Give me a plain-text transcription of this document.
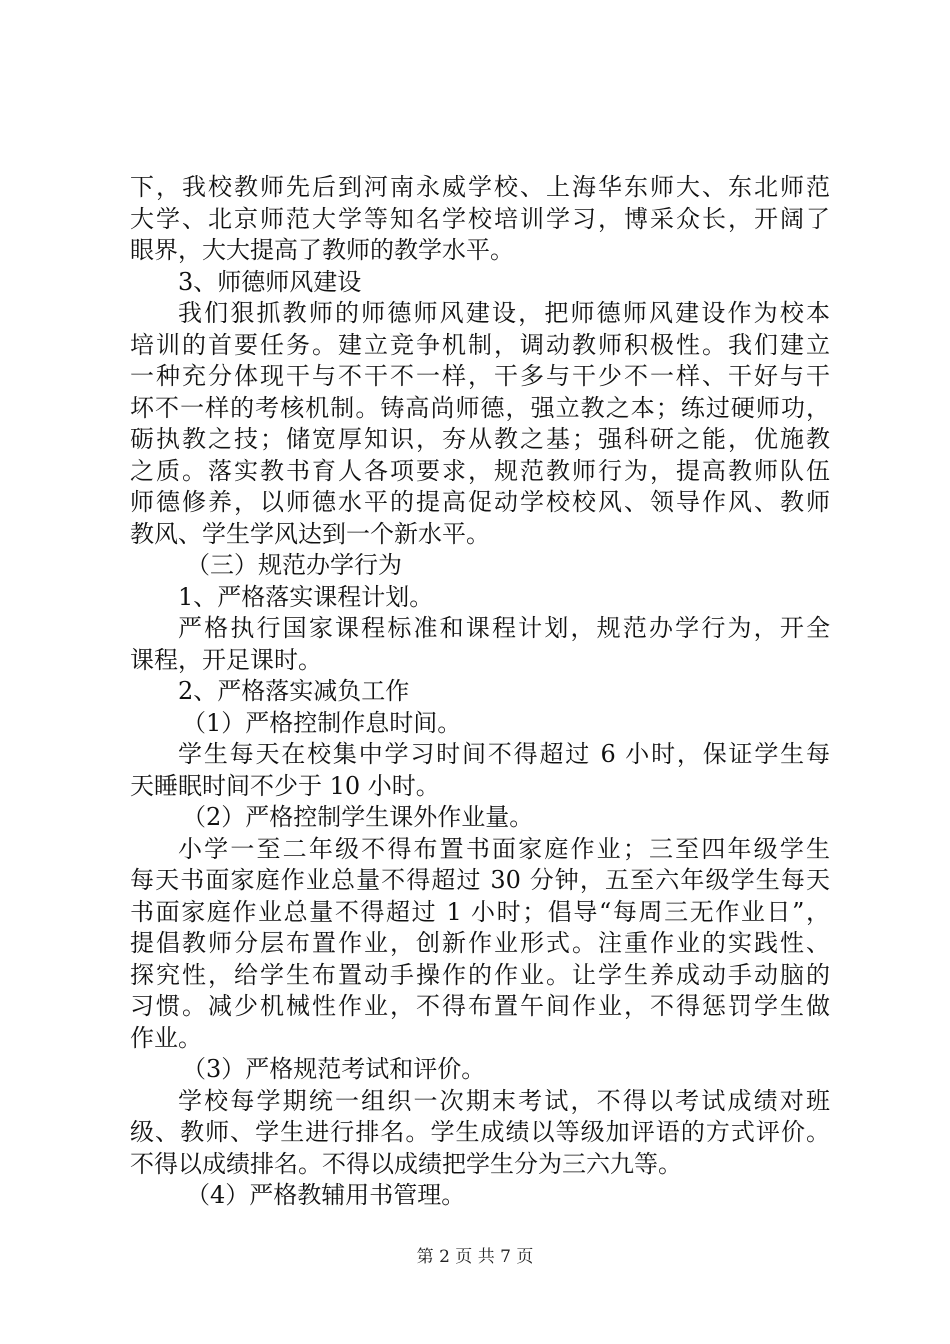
下，我校教师先后到河南永威学校、上海华东师大、东北师范
大学、北京师范大学等知名学校培训学习，博采众长，开阔了
眼界，大大提高了教师的教学水平。
3、师德师风建设
我们狠抓教师的师德师风建设，把师德师风建设作为校本
培训的首要任务。建立竞争机制，调动教师积极性。我们建立
一种充分体现干与不干不一样，干多与干少不一样、干好与干
坏不一样的考核机制。铸高尚师德，强立教之本；练过硬师功，
砺执教之技；储宽厚知识，夯从教之基；强科研之能，优施教
之质。落实教书育人各项要求，规范教师行为，提高教师队伍
师德修养，以师德水平的提高促动学校校风、领导作风、教师
教风、学生学风达到一个新水平。
（三）规范办学行为
1、严格落实课程计划。
严格执行国家课程标准和课程计划，规范办学行为，开全
课程，开足课时。
2、严格落实减负工作
（1）严格控制作息时间。
学生每天在校集中学习时间不得超过 6 小时，保证学生每
天睡眠时间不少于 10 小时。
（2）严格控制学生课外作业量。
小学一至二年级不得布置书面家庭作业；三至四年级学生
每天书面家庭作业总量不得超过 30 分钟，五至六年级学生每天
书面家庭作业总量不得超过 1 小时；倡导“每周三无作业日”，
提倡教师分层布置作业，创新作业形式。注重作业的实践性、
探究性，给学生布置动手操作的作业。让学生养成动手动脑的
习惯。减少机械性作业，不得布置午间作业，不得惩罚学生做
作业。
（3）严格规范考试和评价。
学校每学期统一组织一次期末考试，不得以考试成绩对班
级、教师、学生进行排名。学生成绩以等级加评语的方式评价。
不得以成绩排名。不得以成绩把学生分为三六九等。
（4）严格教辅用书管理。
第 2 页 共 7 页
